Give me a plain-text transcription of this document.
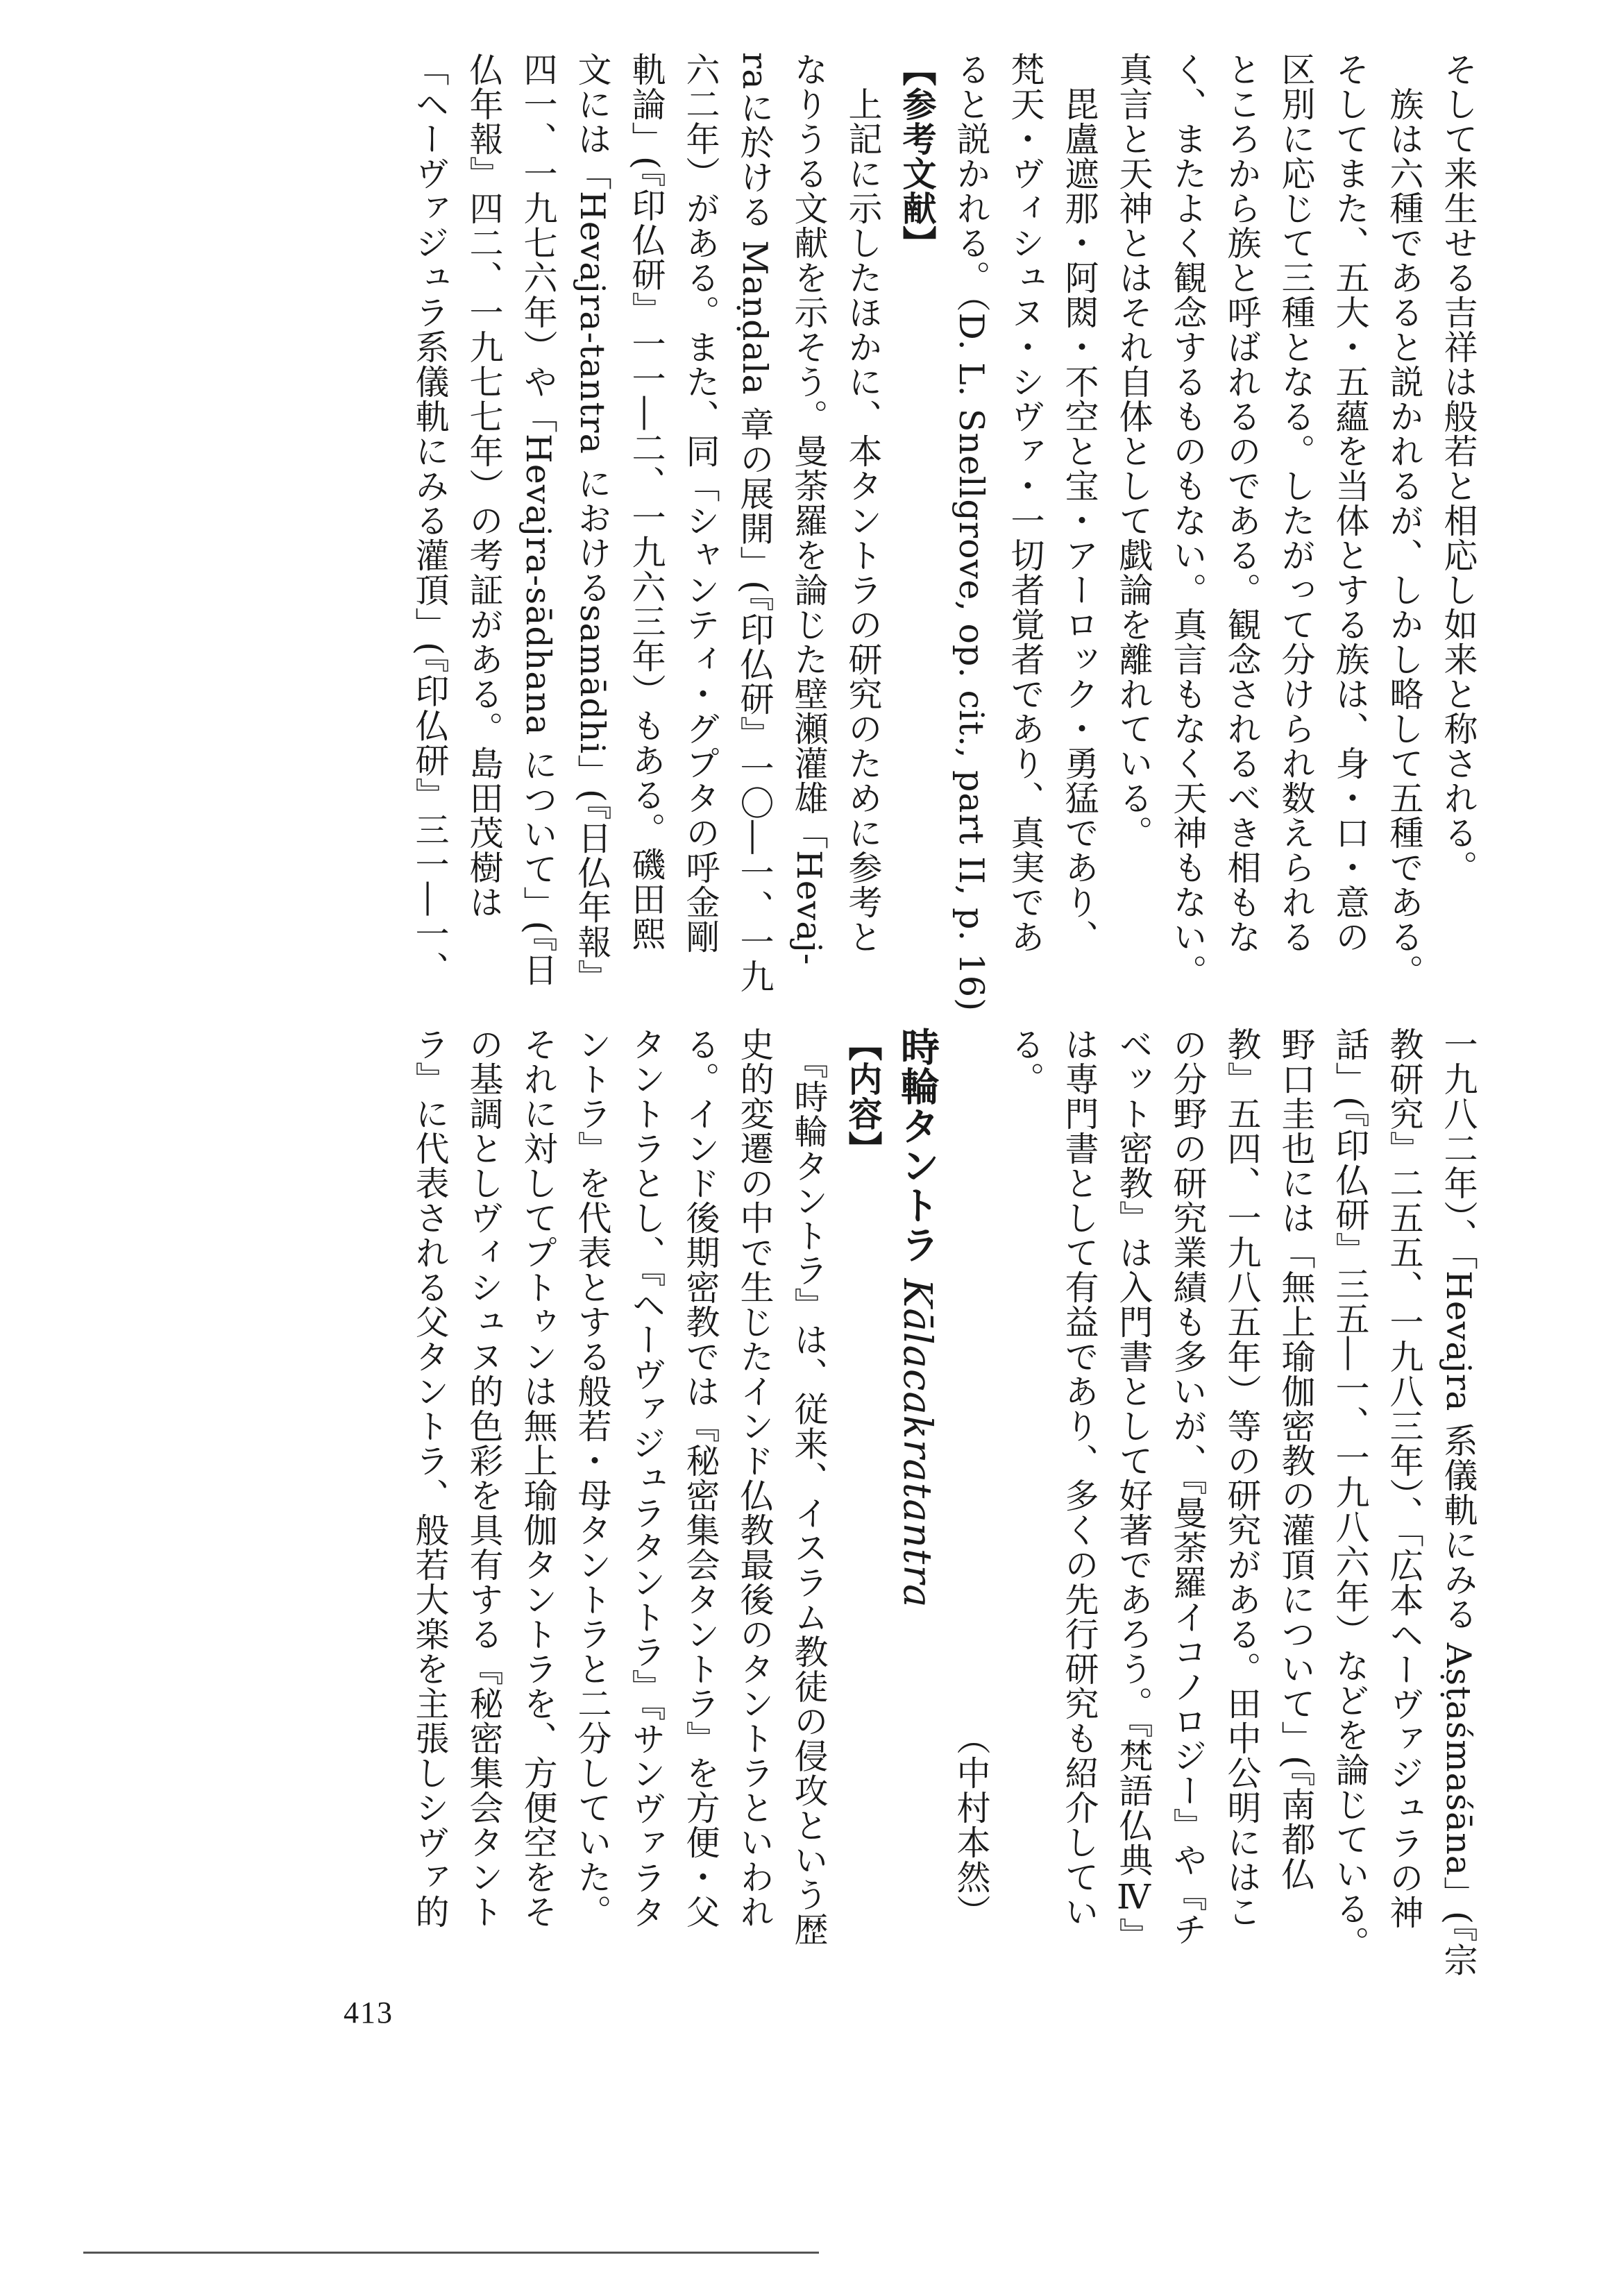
そして来生せる吉祥は般若と相応し如来と称される。

　族は六種であると説かれるが、しかし略して五種である。

そしてまた、五大・五蘊を当体とする族は、身・口・意の

区別に応じて三種となる。したがって分けられ数えられる

ところから族と呼ばれるのである。観念されるべき相もな

く、またよく観念するものもない。真言もなく天神もない。

真言と天神とはそれ自体として戯論を離れている。

　毘盧遮那・阿閦・不空と宝・アーロック・勇猛であり、

梵天・ヴィシュヌ・シヴァ・一切者覚者であり、真実であ

ると説かれる。（D. L. Snellgrove, op. cit., part II, p. 16)

【参考文献】

　上記に示したほかに、本タントラの研究のために参考と

なりうる文献を示そう。曼荼羅を論じた壁瀬灌雄「Hevaj-

raに於ける Maṇḍala 章の展開」(『印仏研』一〇―一、一九

六二年）がある。また、同「シャンティ・グプタの呼金剛

軌論」(『印仏研』一一―二、一九六三年）もある。磯田熙

文には「Hevajra-tantra におけるsamādhi」(『日仏年報』

四一、一九七六年）や「Hevajra-sādhana について」(『日

仏年報』四二、一九七七年）の考証がある。島田茂樹は

「ヘーヴァジュラ系儀軌にみる灌頂」(『印仏研』三一―一、

一九八二年）、「Hevajra 系儀軌にみる Aṣṭaśmaśāna」(『宗

教研究』二五五、一九八三年）、「広本ヘーヴァジュラの神

話」(『印仏研』三五―一、一九八六年）などを論じている。

野口圭也には「無上瑜伽密教の灌頂について」(『南都仏

教』五四、一九八五年）等の研究がある。田中公明にはこ

の分野の研究業績も多いが、『曼荼羅イコノロジー』や『チ

ベット密教』は入門書として好著であろう。『梵語仏典Ⅳ』

は専門書として有益であり、多くの先行研究も紹介してい

る。

（中村本然）

時輪タントラ Kālacakratantra

【内容】

　『時輪タントラ』は、従来、イスラム教徒の侵攻という歴

史的変遷の中で生じたインド仏教最後のタントラといわれ

る。インド後期密教では『秘密集会タントラ』を方便・父

タントラとし、『ヘーヴァジュラタントラ』『サンヴァラタ

ントラ』を代表とする般若・母タントラと二分していた。

それに対してプトゥンは無上瑜伽タントラを、方便空をそ

の基調としヴィシュヌ的色彩を具有する『秘密集会タント

ラ』に代表される父タントラ、般若大楽を主張しシヴァ的

413
